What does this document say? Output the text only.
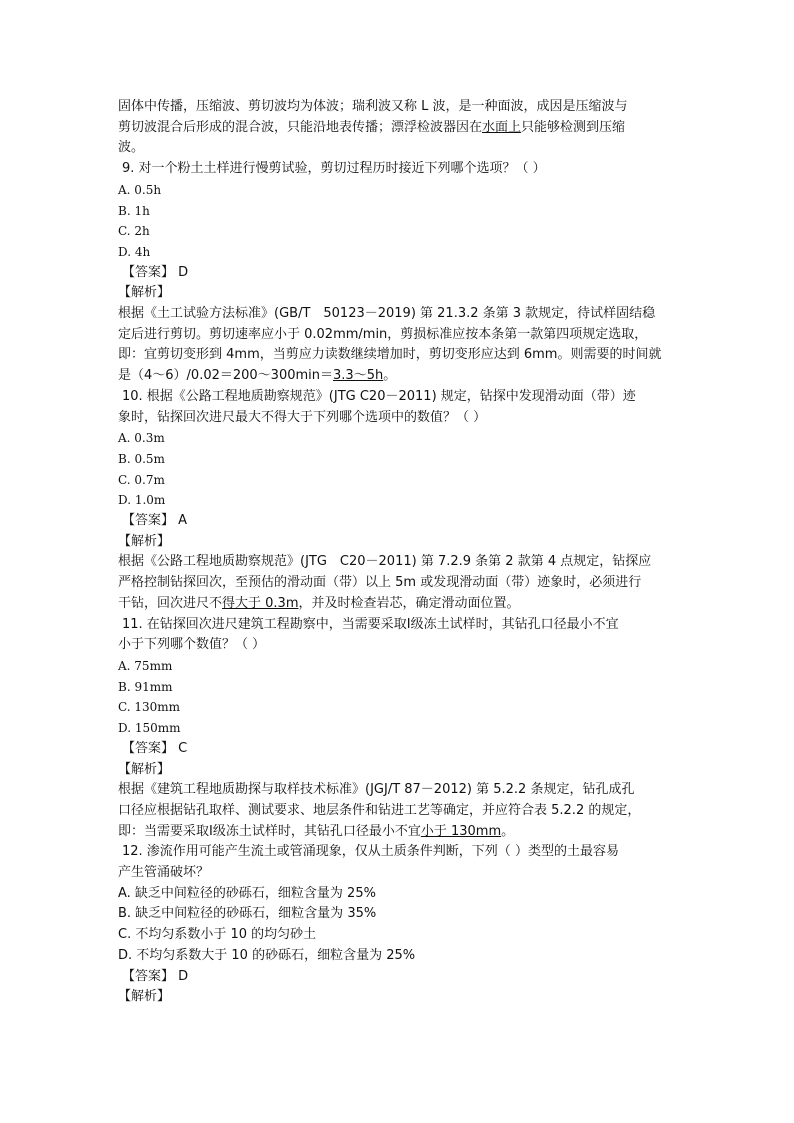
固体中传播，压缩波、剪切波均为体波；瑞利波又称 L 波，是一种面波，成因是压缩波与
剪切波混合后形成的混合波，只能沿地表传播；漂浮检波器因在水面上只能够检测到压缩
波。
9. 对一个粉土土样进行慢剪试验，剪切过程历时接近下列哪个选项？（ ）
A. 0.5h
B. 1h
C. 2h
D. 4h
【答案】 D
【解析】
根据《土工试验方法标准》(GB/T　50123－2019) 第 21.3.2 条第 3 款规定，待试样固结稳
定后进行剪切。剪切速率应小于 0.02mm/min，剪损标准应按本条第一款第四项规定选取，
即：宜剪切变形到 4mm，当剪应力读数继续增加时，剪切变形应达到 6mm。则需要的时间就
是（4～6）/0.02＝200～300min＝3.3～5h。
10. 根据《公路工程地质勘察规范》(JTG C20－2011) 规定，钻探中发现滑动面（带）迹
象时，钻探回次进尺最大不得大于下列哪个选项中的数值？（ ）
A. 0.3m
B. 0.5m
C. 0.7m
D. 1.0m
【答案】 A
【解析】
根据《公路工程地质勘察规范》(JTG　C20－2011) 第 7.2.9 条第 2 款第 4 点规定，钻探应
严格控制钻探回次，至预估的滑动面（带）以上 5m 或发现滑动面（带）迹象时，必须进行
干钻，回次进尺不得大于 0.3m，并及时检查岩芯，确定滑动面位置。
11. 在钻探回次进尺建筑工程勘察中，当需要采取Ⅰ级冻土试样时，其钻孔口径最小不宜
小于下列哪个数值？（ ）
A. 75mm
B. 91mm
C. 130mm
D. 150mm
【答案】 C
【解析】
根据《建筑工程地质勘探与取样技术标准》(JGJ/T 87－2012) 第 5.2.2 条规定，钻孔成孔
口径应根据钻孔取样、测试要求、地层条件和钻进工艺等确定，并应符合表 5.2.2 的规定，
即：当需要采取Ⅰ级冻土试样时，其钻孔口径最小不宜小于 130mm。
12. 渗流作用可能产生流土或管涌现象，仅从土质条件判断，下列（ ）类型的土最容易
产生管涌破坏？
A. 缺乏中间粒径的砂砾石，细粒含量为 25%
B. 缺乏中间粒径的砂砾石，细粒含量为 35%
C. 不均匀系数小于 10 的均匀砂土
D. 不均匀系数大于 10 的砂砾石，细粒含量为 25%
【答案】 D
【解析】
